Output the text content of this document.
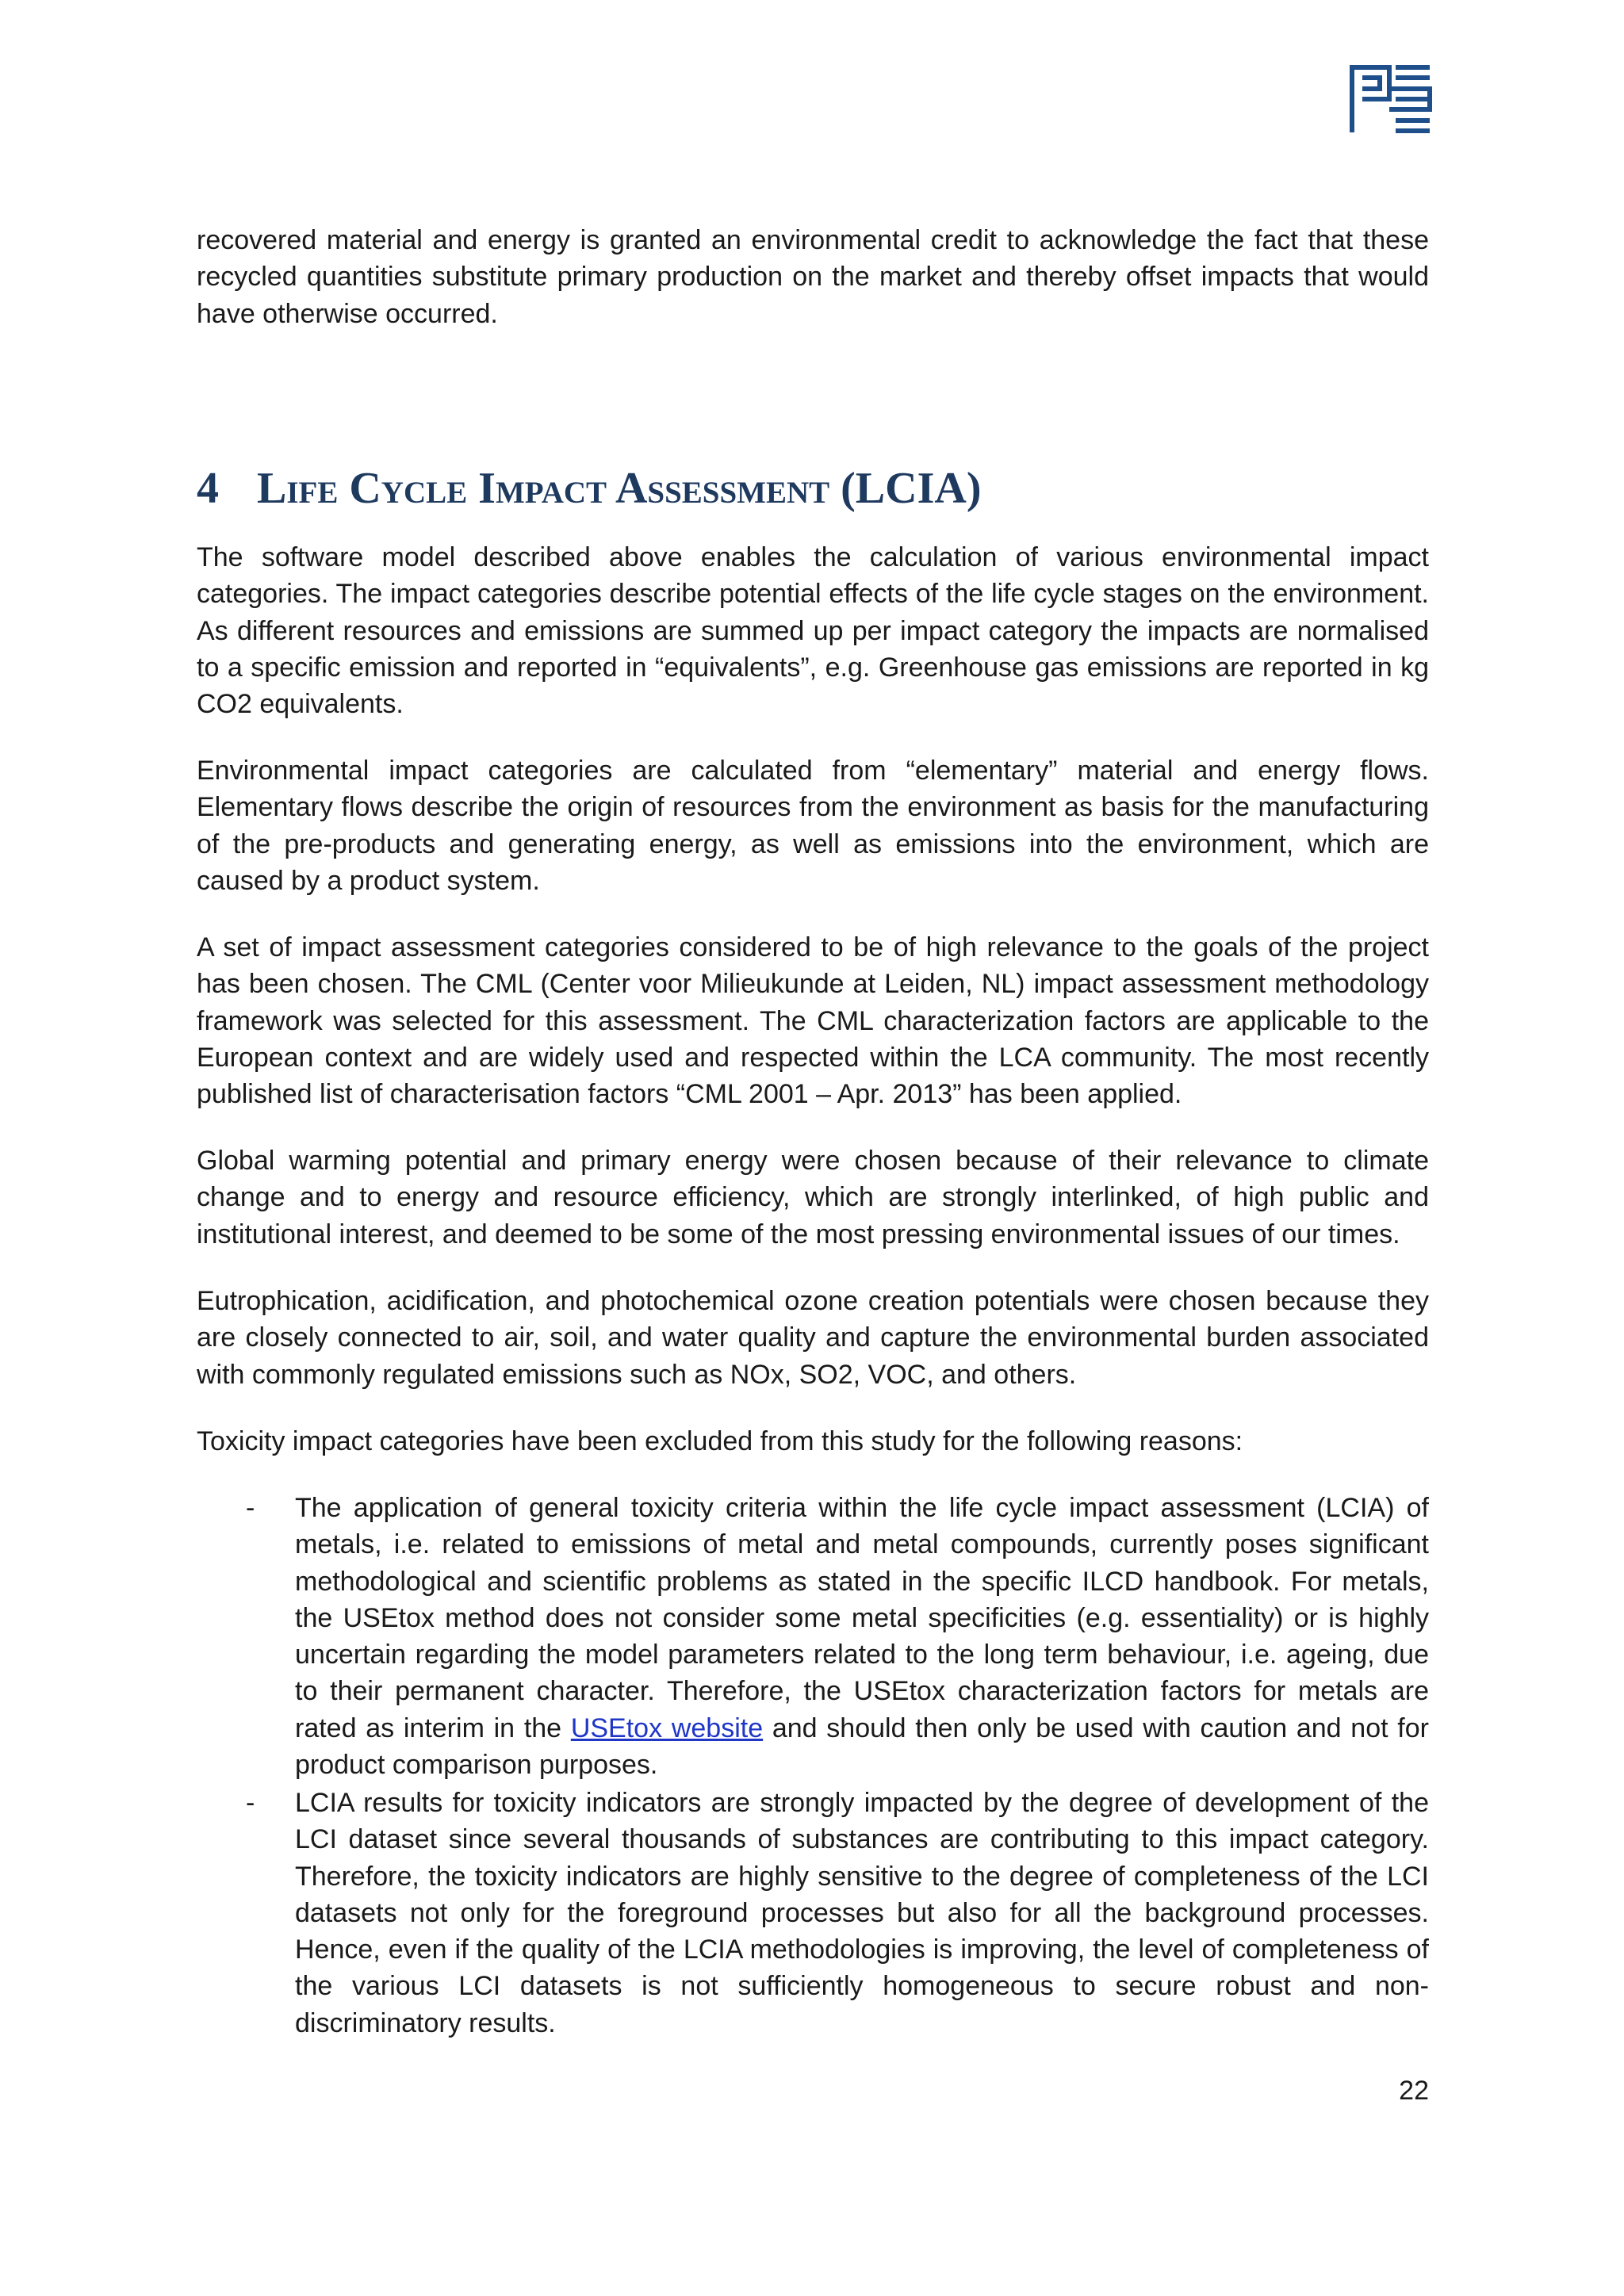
recovered material and energy is granted an environmental credit to acknowledge the fact that these recycled quantities substitute primary production on the market and thereby offset impacts that would have otherwise occurred.

4 Life Cycle Impact Assessment (LCIA)

The software model described above enables the calculation of various environmental impact categories. The impact categories describe potential effects of the life cycle stages on the environment. As different resources and emissions are summed up per impact category the impacts are normalised to a specific emission and reported in “equivalents”, e.g. Greenhouse gas emissions are reported in kg CO2 equivalents.

Environmental impact categories are calculated from “elementary” material and energy flows. Elementary flows describe the origin of resources from the environment as basis for the manufacturing of the pre-products and generating energy, as well as emissions into the environment, which are caused by a product system.

A set of impact assessment categories considered to be of high relevance to the goals of the project has been chosen. The CML (Center voor Milieukunde at Leiden, NL) impact assessment methodology framework was selected for this assessment. The CML characterization factors are applicable to the European context and are widely used and respected within the LCA community. The most recently published list of characterisation factors “CML 2001 – Apr. 2013” has been applied.

Global warming potential and primary energy were chosen because of their relevance to climate change and to energy and resource efficiency, which are strongly interlinked, of high public and institutional interest, and deemed to be some of the most pressing environmental issues of our times.

Eutrophication, acidification, and photochemical ozone creation potentials were chosen because they are closely connected to air, soil, and water quality and capture the environmental burden associated with commonly regulated emissions such as NOx, SO2, VOC, and others.

Toxicity impact categories have been excluded from this study for the following reasons:

- The application of general toxicity criteria within the life cycle impact assessment (LCIA) of metals, i.e. related to emissions of metal and metal compounds, currently poses significant methodological and scientific problems as stated in the specific ILCD handbook. For metals, the USEtox method does not consider some metal specificities (e.g. essentiality) or is highly uncertain regarding the model parameters related to the long term behaviour, i.e. ageing, due to their permanent character. Therefore, the USEtox characterization factors for metals are rated as interim in the USEtox website and should then only be used with caution and not for product comparison purposes.

- LCIA results for toxicity indicators are strongly impacted by the degree of development of the LCI dataset since several thousands of substances are contributing to this impact category. Therefore, the toxicity indicators are highly sensitive to the degree of completeness of the LCI datasets not only for the foreground processes but also for all the background processes. Hence, even if the quality of the LCIA methodologies is improving, the level of completeness of the various LCI datasets is not sufficiently homogeneous to secure robust and non-discriminatory results.

22
